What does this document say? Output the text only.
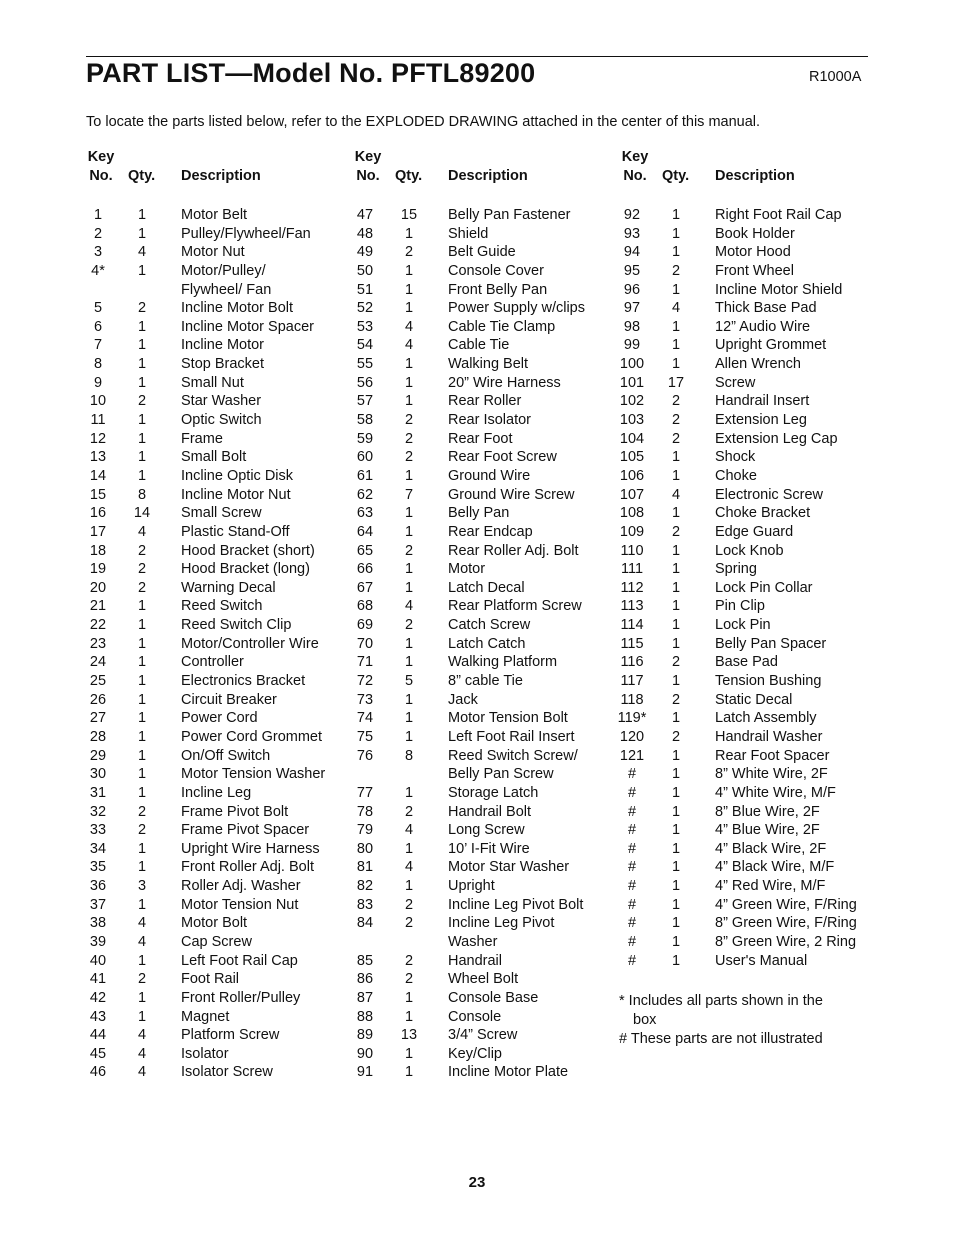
PART LIST—Model No. PFTL89200	R1000A
To locate the parts listed below, refer to the EXPLODED DRAWING attached in the center of this manual.
Key
No.	Qty. Description
Key
No.	Qty. Description
Key
No.	Qty. Description
1	1	Motor Belt
2	1	Pulley/Flywheel/Fan
3	4	Motor Nut
4*	1	Motor/Pulley/
Flywheel/ Fan
5	2	Incline Motor Bolt
6	1	Incline Motor Spacer
7	1	Incline Motor
8	1	Stop Bracket
9	1	Small Nut
10	2	Star Washer
11	1	Optic Switch
12	1	Frame
13	1	Small Bolt
14	1	Incline Optic Disk
15	8	Incline Motor Nut
16	14	Small Screw
17	4	Plastic Stand-Off
18	2	Hood Bracket (short)
19	2	Hood Bracket (long)
20	2	Warning Decal
21	1	Reed Switch
22	1	Reed Switch Clip
23	1	Motor/Controller Wire
24	1	Controller
25	1	Electronics Bracket
26	1	Circuit Breaker
27	1	Power Cord
28	1	Power Cord Grommet
29	1	On/Off Switch
30	1	Motor Tension Washer
31	1	Incline Leg
32	2	Frame Pivot Bolt
33	2	Frame Pivot Spacer
34	1	Upright Wire Harness
35	1	Front Roller Adj. Bolt
36	3	Roller Adj. Washer
37	1	Motor Tension Nut
38	4	Motor Bolt
39	4	Cap Screw
40	1	Left Foot Rail Cap
41	2	Foot Rail
42	1	Front Roller/Pulley
43	1	Magnet
44	4	Platform Screw
45	4	Isolator
46	4	Isolator Screw
47	15	Belly Pan Fastener
48	1	Shield
49	2	Belt Guide
50	1	Console Cover
51	1	Front Belly Pan
52	1	Power Supply w/clips
53	4	Cable Tie Clamp
54	4	Cable Tie
55	1	Walking Belt
56	1	20” Wire Harness
57	1	Rear Roller
58	2	Rear Isolator
59	2	Rear Foot
60	2	Rear Foot Screw
61	1	Ground Wire
62	7	Ground Wire Screw
63	1	Belly Pan
64	1	Rear Endcap
65	2	Rear Roller Adj. Bolt
66	1	Motor
67	1	Latch Decal
68	4	Rear Platform Screw
69	2	Catch Screw
70	1	Latch Catch
71	1	Walking Platform
72	5	8” cable Tie
73	1	Jack
74	1	Motor Tension Bolt
75	1	Left Foot Rail Insert
76	8	Reed Switch Screw/
Belly Pan Screw
77	1	Storage Latch
78	2	Handrail Bolt
79	4	Long Screw
80	1	10’ I-Fit Wire
81	4	Motor Star Washer
82	1	Upright
83	2	Incline Leg Pivot Bolt
84	2	Incline Leg Pivot
Washer
85	2	Handrail
86	2	Wheel Bolt
87	1	Console Base
88	1	Console
89	13	3/4” Screw
90	1	Key/Clip
91	1	Incline Motor Plate
92	1	Right Foot Rail Cap
93	1	Book Holder
94	1	Motor Hood
95	2	Front Wheel
96	1	Incline Motor Shield
97	4	Thick Base Pad
98	1	12” Audio Wire
99	1	Upright Grommet
100	1	Allen Wrench
101	17	Screw
102	2	Handrail Insert
103	2	Extension Leg
104	2	Extension Leg Cap
105	1	Shock
106	1	Choke
107	4	Electronic Screw
108	1	Choke Bracket
109	2	Edge Guard
110	1	Lock Knob
111	1	Spring
112	1	Lock Pin Collar
113	1	Pin Clip
114	1	Lock Pin
115	1	Belly Pan Spacer
116	2	Base Pad
117	1	Tension Bushing
118	2	Static Decal
119*	1	Latch Assembly
120	2	Handrail Washer
121	1	Rear Foot Spacer
#	1	8” White Wire, 2F
#	1	4” White Wire, M/F
#	1	8” Blue Wire, 2F
#	1	4” Blue Wire, 2F
#	1	4” Black Wire, 2F
#	1	4” Black Wire, M/F
#	1	4” Red Wire, M/F
#	1	4” Green Wire, F/Ring
#	1	8” Green Wire, F/Ring
#	1	8” Green Wire, 2 Ring
#	1	User's Manual
* Includes all parts shown in the
box
# These parts are not illustrated
23
